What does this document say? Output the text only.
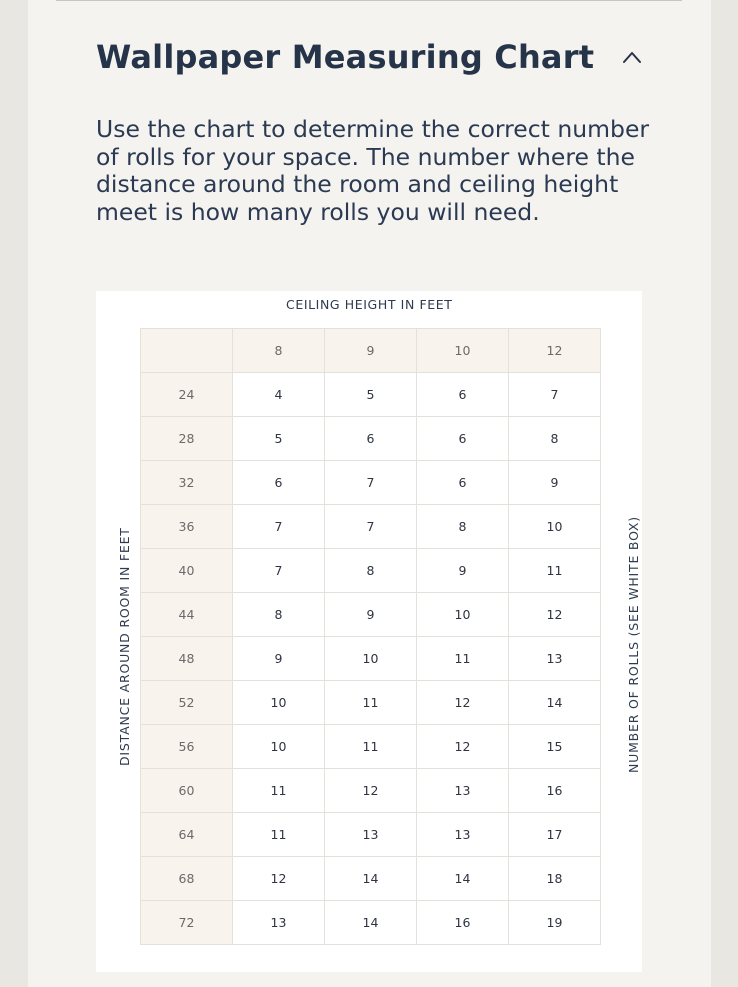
Wallpaper Measuring Chart

Use the chart to determine the correct number of rolls for your space. The number where the distance around the room and ceiling height meet is how many rolls you will need.

CEILING HEIGHT IN FEET
DISTANCE AROUND ROOM IN FEET	NUMBER OF ROLLS (SEE WHITE BOX)
	8	9	10	12
24	4	5	6	7
28	5	6	6	8
32	6	7	6	9
36	7	7	8	10
40	7	8	9	11
44	8	9	10	12
48	9	10	11	13
52	10	11	12	14
56	10	11	12	15
60	11	12	13	16
64	11	13	13	17
68	12	14	14	18
72	13	14	16	19
